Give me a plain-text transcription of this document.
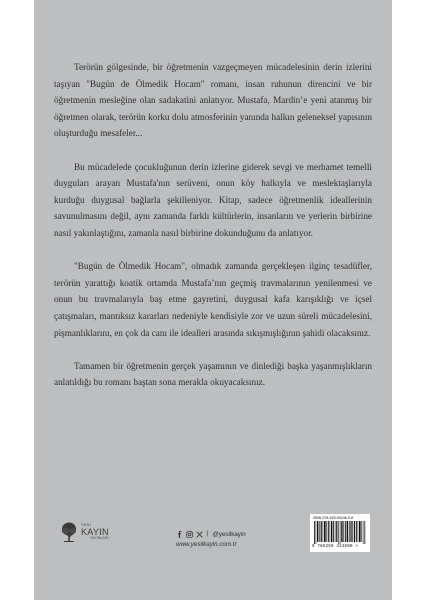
Terörün gölgesinde, bir öğretmenin vazgeçmeyen mücadelesinin derin izlerini taşıyan "Bugün de Ölmedik Hocam" romanı, insan ruhunun direncini ve bir öğretmenin mesleğine olan sadakatini anlatıyor. Mustafa, Mardin’e yeni atanmış bir öğretmen olarak, terörün korku dolu atmosferinin yanında halkın geleneksel yapısının oluşturduğu mesafeler...

Bu mücadelede çocukluğunun derin izlerine giderek sevgi ve merhamet temelli duyguları arayan Mustafa'nın serüveni, onun köy halkıyla ve meslektaşlarıyla kurduğu duygusal bağlarla şekilleniyor. Kitap, sadece öğretmenlik ideallerinin savunulmasını değil, aynı zamanda farklı kültürlerin, insanların ve yerlerin birbirine nasıl yakınlaştığını, zamanla nasıl birbirine dokunduğunu da anlatıyor.

"Bugün de Ölmedik Hocam", olmadık zamanda gerçekleşen ilginç tesadüfler, terörün yarattığı koatik ortamda Mustafa’nın geçmiş travmalarının yenilenmesi ve onun bu travmalarıyla baş etme gayretini, duygusal kafa karışıklığı ve içsel çatışmaları, mantıksız kararları nedeniyle kendisiyle zor ve uzun süreli mücadelesini, pişmanlıklarını, en çok da canı ile idealleri arasında sıkışmışlığının şahidi olacaksınız.

Tamamen bir öğretmenin gerçek yaşamının ve dinlediği başka yaşanmışlıkların anlatıldığı bu romanı baştan sona merakla okuyacaksınız.

YENİ
KAYIN
YAYINLARI
| @yesilkayin
www.yesilkayin.com.tr
ISBN 978-625-93246-9-8
9 786259 324698 >
